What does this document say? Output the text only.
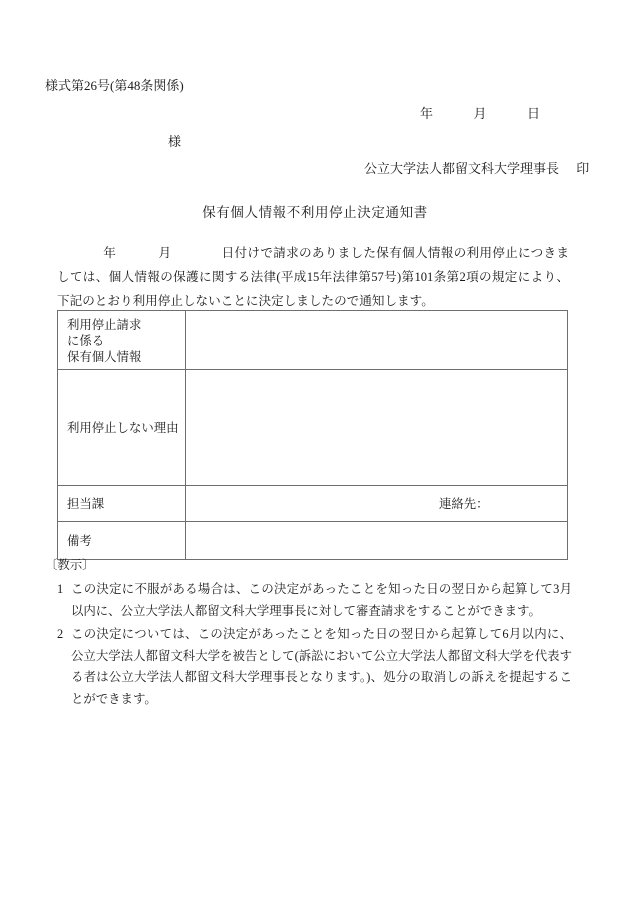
様式第26号(第48条関係)
年	月	日
様
公立大学法人都留文科大学理事長 印
保有個人情報不利用停止決定通知書
年	月	日付けで請求のありました保有個人情報の利用停止につきましては、個人情報の保護に関する法律(平成15年法律第57号)第101条第2項の規定により、下記のとおり利用停止しないことに決定しましたので通知します。
利用停止請求
に係る
保有個人情報	

利用停止しない理由	

担当課	連絡先：

備考	

〔教示〕
1 この決定に不服がある場合は、この決定があったことを知った日の翌日から起算して3月以内に、公立大学法人都留文科大学理事長に対して審査請求をすることができます。
2 この決定については、この決定があったことを知った日の翌日から起算して6月以内に、公立大学法人都留文科大学を被告として(訴訟において公立大学法人都留文科大学を代表する者は公立大学法人都留文科大学理事長となります。)、処分の取消しの訴えを提起することができます。
